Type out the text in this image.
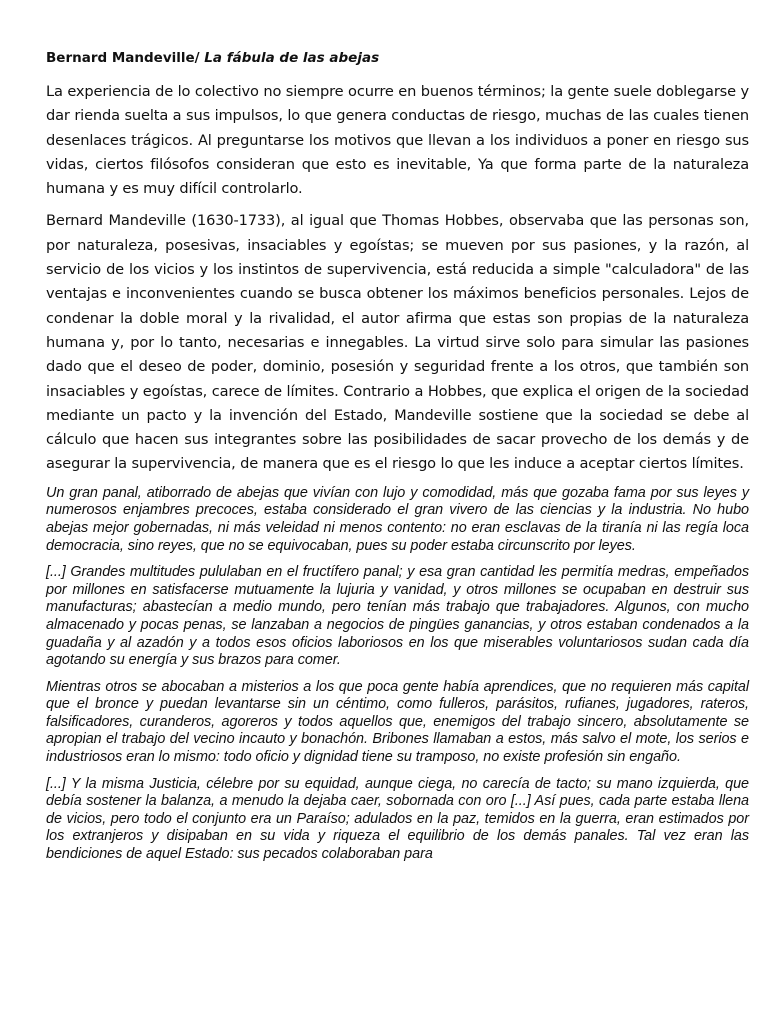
Bernard Mandeville/ La fábula de las abejas

La experiencia de lo colectivo no siempre ocurre en buenos términos; la gente suele doblegarse y dar rienda suelta a sus impulsos, lo que genera conductas de riesgo, muchas de las cuales tienen desenlaces trágicos. Al preguntarse los motivos que llevan a los individuos a poner en riesgo sus vidas, ciertos filósofos consideran que esto es inevitable, Ya que forma parte de la naturaleza humana y es muy difícil controlarlo.

Bernard Mandeville (1630-1733), al igual que Thomas Hobbes, observaba que las personas son, por naturaleza, posesivas, insaciables y egoístas; se mueven por sus pasiones, y la razón, al servicio de los vicios y los instintos de supervivencia, está reducida a simple "calculadora" de las ventajas e inconvenientes cuando se busca obtener los máximos beneficios personales. Lejos de condenar la doble moral y la rivalidad, el autor afirma que estas son propias de la naturaleza humana y, por lo tanto, necesarias e innegables. La virtud sirve solo para simular las pasiones dado que el deseo de poder, dominio, posesión y seguridad frente a los otros, que también son insaciables y egoístas, carece de límites. Contrario a Hobbes, que explica el origen de la sociedad mediante un pacto y la invención del Estado, Mandeville sostiene que la sociedad se debe al cálculo que hacen sus integrantes sobre las posibilidades de sacar provecho de los demás y de asegurar la supervivencia, de manera que es el riesgo lo que les induce a aceptar ciertos límites.

Un gran panal, atiborrado de abejas que vivían con lujo y comodidad, más que gozaba fama por sus leyes y numerosos enjambres precoces, estaba considerado el gran vivero de las ciencias y la industria. No hubo abejas mejor gobernadas, ni más veleidad ni menos contento: no eran esclavas de la tiranía ni las regía loca democracia, sino reyes, que no se equivocaban, pues su poder estaba circunscrito por leyes.

[...] Grandes multitudes pululaban en el fructífero panal; y esa gran cantidad les permitía medras, empeñados por millones en satisfacerse mutuamente la lujuria y vanidad, y otros millones se ocupaban en destruir sus manufacturas; abastecían a medio mundo, pero tenían más trabajo que trabajadores. Algunos, con mucho almacenado y pocas penas, se lanzaban a negocios de pingües ganancias, y otros estaban condenados a la guadaña y al azadón y a todos esos oficios laboriosos en los que miserables voluntariosos sudan cada día agotando su energía y sus brazos para comer.

Mientras otros se abocaban a misterios a los que poca gente había aprendices, que no requieren más capital que el bronce y puedan levantarse sin un céntimo, como fulleros, parásitos, rufianes, jugadores, rateros, falsificadores, curanderos, agoreros y todos aquellos que, enemigos del trabajo sincero, absolutamente se apropian el trabajo del vecino incauto y bonachón. Bribones llamaban a estos, más salvo el mote, los serios e industriosos eran lo mismo: todo oficio y dignidad tiene su tramposo, no existe profesión sin engaño.

[...] Y la misma Justicia, célebre por su equidad, aunque ciega, no carecía de tacto; su mano izquierda, que debía sostener la balanza, a menudo la dejaba caer, sobornada con oro [...] Así pues, cada parte estaba llena de vicios, pero todo el conjunto era un Paraíso; adulados en la paz, temidos en la guerra, eran estimados por los extranjeros y disipaban en su vida y riqueza el equilibrio de los demás panales. Tal vez eran las bendiciones de aquel Estado: sus pecados colaboraban para
